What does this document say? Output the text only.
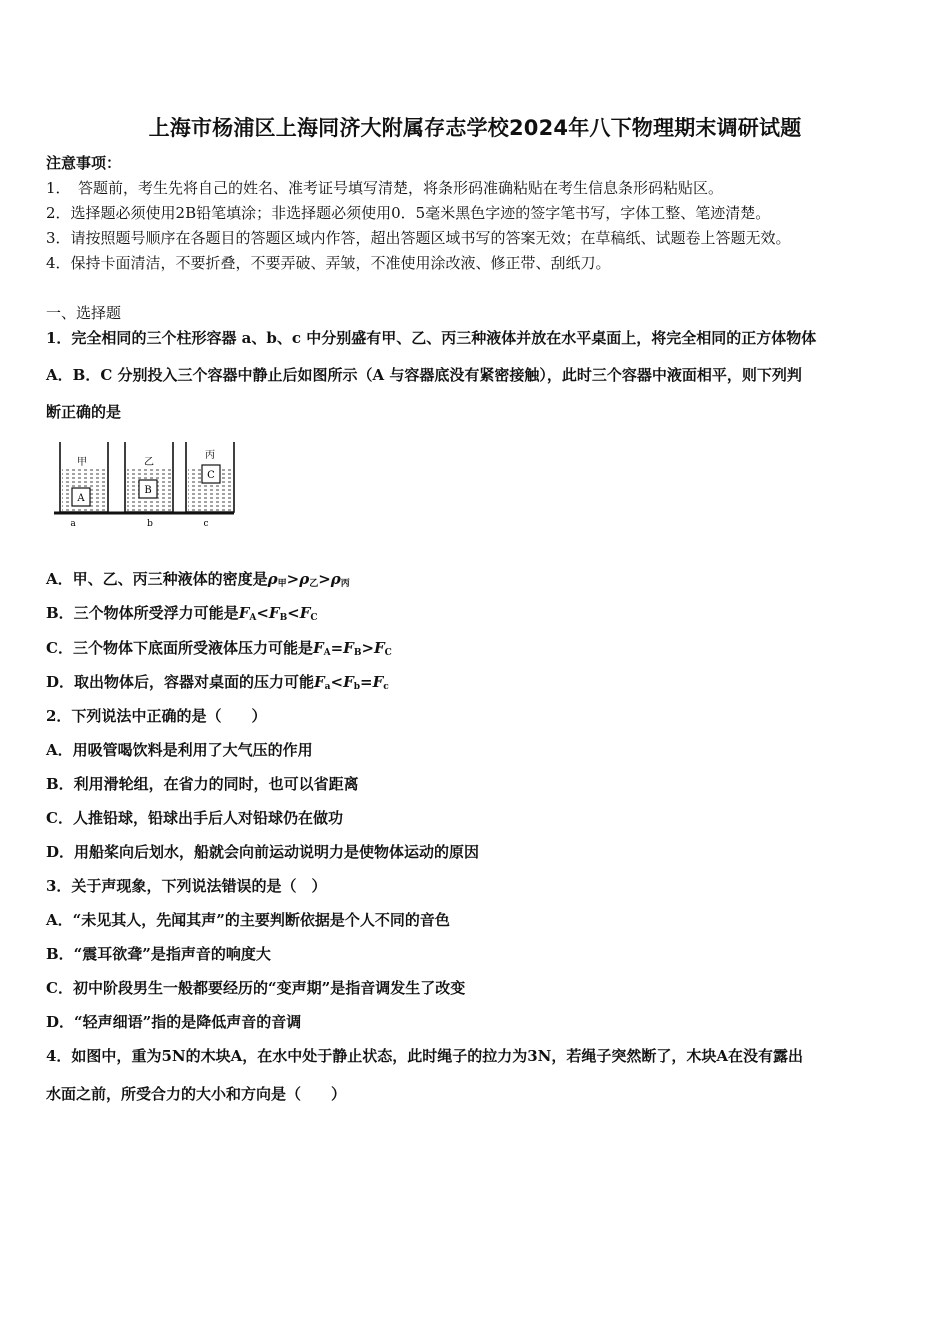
上海市杨浦区上海同济大附属存志学校2024年八下物理期末调研试题
注意事项：
1．　答题前，考生先将自己的姓名、准考证号填写清楚，将条形码准确粘贴在考生信息条形码粘贴区。
2．选择题必须使用2B铅笔填涂；非选择题必须使用0．5毫米黑色字迹的签字笔书写，字体工整、笔迹清楚。
3．请按照题号顺序在各题目的答题区域内作答，超出答题区域书写的答案无效；在草稿纸、试题卷上答题无效。
4．保持卡面清洁，不要折叠，不要弄破、弄皱，不准使用涂改液、修正带、刮纸刀。
一、选择题
1．完全相同的三个柱形容器 a、b、c 中分别盛有甲、乙、丙三种液体并放在水平桌面上，将完全相同的正方体物体
A．B．C 分别投入三个容器中静止后如图所示（A 与容器底没有紧密接触），此时三个容器中液面相平，则下列判
断正确的是
甲
A
a
乙
B
b
丙
C
c
A．甲、乙、丙三种液体的密度是$\rho_甲>\rho_乙>\rho_丙$
B．三个物体所受浮力可能是$F_A<F_B<F_C$
C．三个物体下底面所受液体压力可能是$F_A=F_B>F_C$
D．取出物体后，容器对桌面的压力可能$F_a<F_b=F_c$
2．下列说法中正确的是（　　）
A．用吸管喝饮料是利用了大气压的作用
B．利用滑轮组，在省力的同时，也可以省距离
C．人推铅球，铅球出手后人对铅球仍在做功
D．用船桨向后划水，船就会向前运动说明力是使物体运动的原因
3．关于声现象，下列说法错误的是（　）
A．“未见其人，先闻其声”的主要判断依据是个人不同的音色
B．“震耳欲聋”是指声音的响度大
C．初中阶段男生一般都要经历的“变声期”是指音调发生了改变
D．“轻声细语”指的是降低声音的音调
4．如图中，重为5N的木块A，在水中处于静止状态，此时绳子的拉力为3N，若绳子突然断了，木块A在没有露出
水面之前，所受合力的大小和方向是（　　）
